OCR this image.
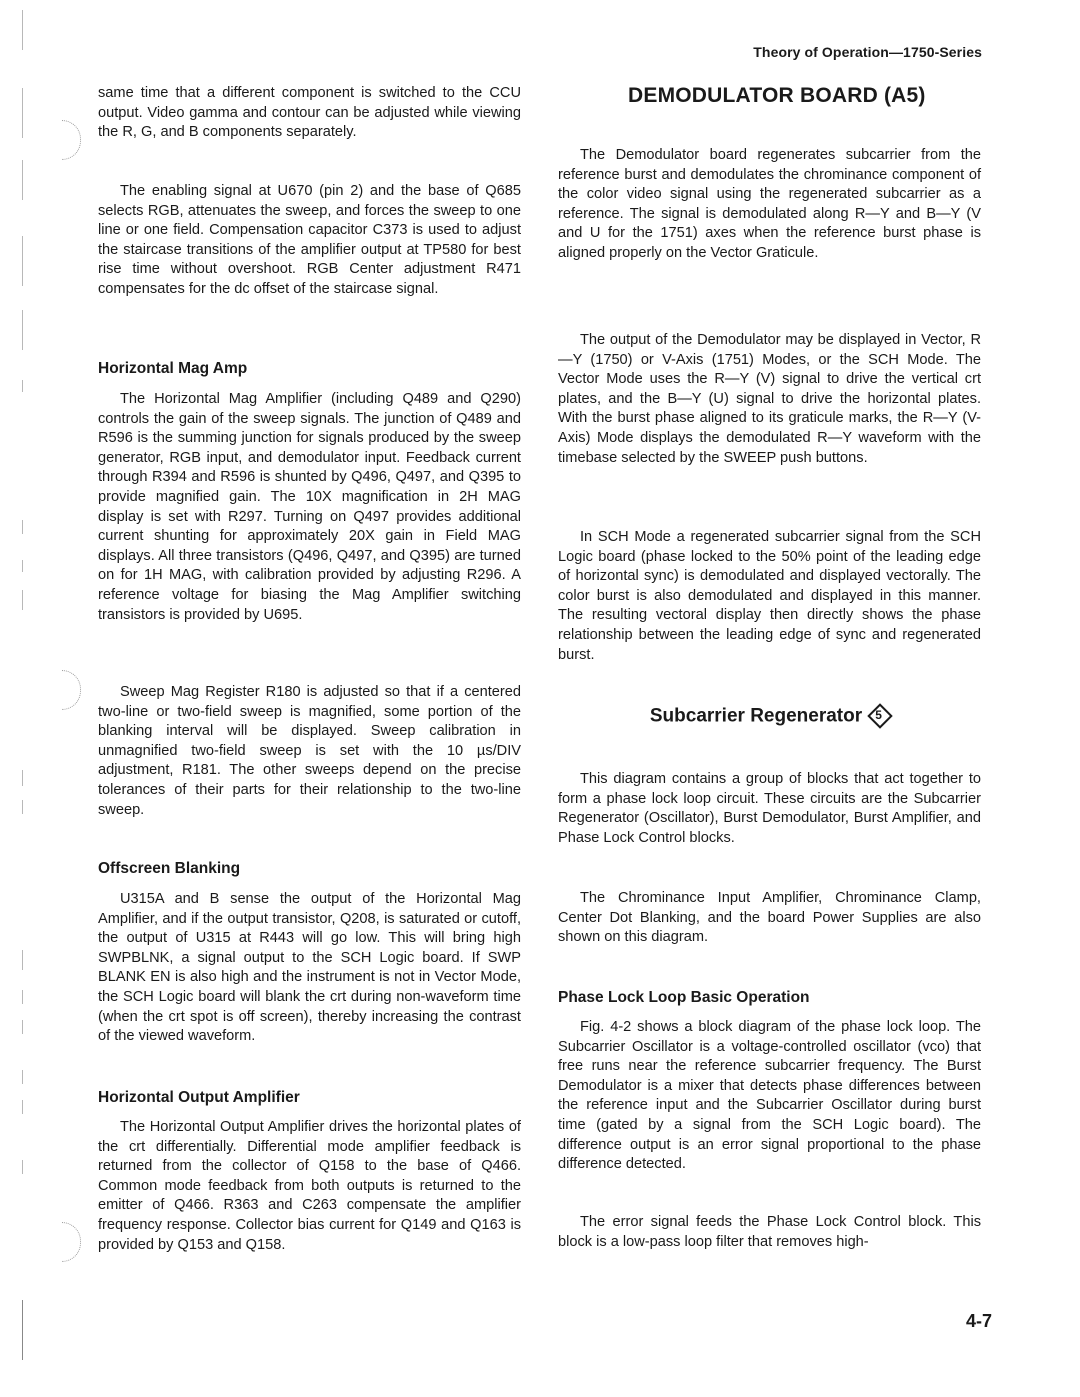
Theory of Operation—1750-Series

same time that a different component is switched to the CCU output. Video gamma and contour can be adjusted while viewing the R, G, and B components separately.

The enabling signal at U670 (pin 2) and the base of Q685 selects RGB, attenuates the sweep, and forces the sweep to one line or one field. Compensation capacitor C373 is used to adjust the staircase transitions of the amplifier output at TP580 for best rise time without overshoot. RGB Center adjustment R471 compensates for the dc offset of the staircase signal.

Horizontal Mag Amp

The Horizontal Mag Amplifier (including Q489 and Q290) controls the gain of the sweep signals. The junction of Q489 and R596 is the summing junction for signals produced by the sweep generator, RGB input, and demodulator input. Feedback current through R394 and R596 is shunted by Q496, Q497, and Q395 to provide magnified gain. The 10X magnification in 2H MAG display is set with R297. Turning on Q497 provides additional current shunting for approximately 20X gain in Field MAG displays. All three transistors (Q496, Q497, and Q395) are turned on for 1H MAG, with calibration provided by adjusting R296. A reference voltage for biasing the Mag Amplifier switching transistors is provided by U695.

Sweep Mag Register R180 is adjusted so that if a centered two-line or two-field sweep is magnified, some portion of the blanking interval will be displayed. Sweep calibration in unmagnified two-field sweep is set with the 10 µs/DIV adjustment, R181. The other sweeps depend on the precise tolerances of their parts for their relationship to the two-line sweep.

Offscreen Blanking

U315A and B sense the output of the Horizontal Mag Amplifier, and if the output transistor, Q208, is saturated or cutoff, the output of U315 at R443 will go low. This will bring high SWPBLNK, a signal output to the SCH Logic board. If SWP BLANK EN is also high and the instrument is not in Vector Mode, the SCH Logic board will blank the crt during non-waveform time (when the crt spot is off screen), thereby increasing the contrast of the viewed waveform.

Horizontal Output Amplifier

The Horizontal Output Amplifier drives the horizontal plates of the crt differentially. Differential mode amplifier feedback is returned from the collector of Q158 to the base of Q466. Common mode feedback from both outputs is returned to the emitter of Q466. R363 and C263 compensate the amplifier frequency response. Collector bias current for Q149 and Q163 is provided by Q153 and Q158.

DEMODULATOR BOARD (A5)

The Demodulator board regenerates subcarrier from the reference burst and demodulates the chrominance component of the color video signal using the regenerated subcarrier as a reference. The signal is demodulated along R—Y and B—Y (V and U for the 1751) axes when the reference burst phase is aligned properly on the Vector Graticule.

The output of the Demodulator may be displayed in Vector, R—Y (1750) or V-Axis (1751) Modes, or the SCH Mode. The Vector Mode uses the R—Y (V) signal to drive the vertical crt plates, and the B—Y (U) signal to drive the horizontal plates. With the burst phase aligned to its graticule marks, the R—Y (V-Axis) Mode displays the demodulated R—Y waveform with the timebase selected by the SWEEP push buttons.

In SCH Mode a regenerated subcarrier signal from the SCH Logic board (phase locked to the 50% point of the leading edge of horizontal sync) is demodulated and displayed vectorally. The color burst is also demodulated and displayed in this manner. The resulting vectoral display then directly shows the phase relationship between the leading edge of sync and regenerated burst.

Subcarrier Regenerator	5

This diagram contains a group of blocks that act together to form a phase lock loop circuit. These circuits are the Subcarrier Regenerator (Oscillator), Burst Demodulator, Burst Amplifier, and Phase Lock Control blocks.

The Chrominance Input Amplifier, Chrominance Clamp, Center Dot Blanking, and the board Power Supplies are also shown on this diagram.

Phase Lock Loop Basic Operation

Fig. 4-2 shows a block diagram of the phase lock loop. The Subcarrier Oscillator is a voltage-controlled oscillator (vco) that free runs near the reference subcarrier frequency. The Burst Demodulator is a mixer that detects phase differences between the reference input and the Subcarrier Oscillator during burst time (gated by a signal from the SCH Logic board). The difference output is an error signal proportional to the phase difference detected.

The error signal feeds the Phase Lock Control block. This block is a low-pass loop filter that removes high-

4-7
